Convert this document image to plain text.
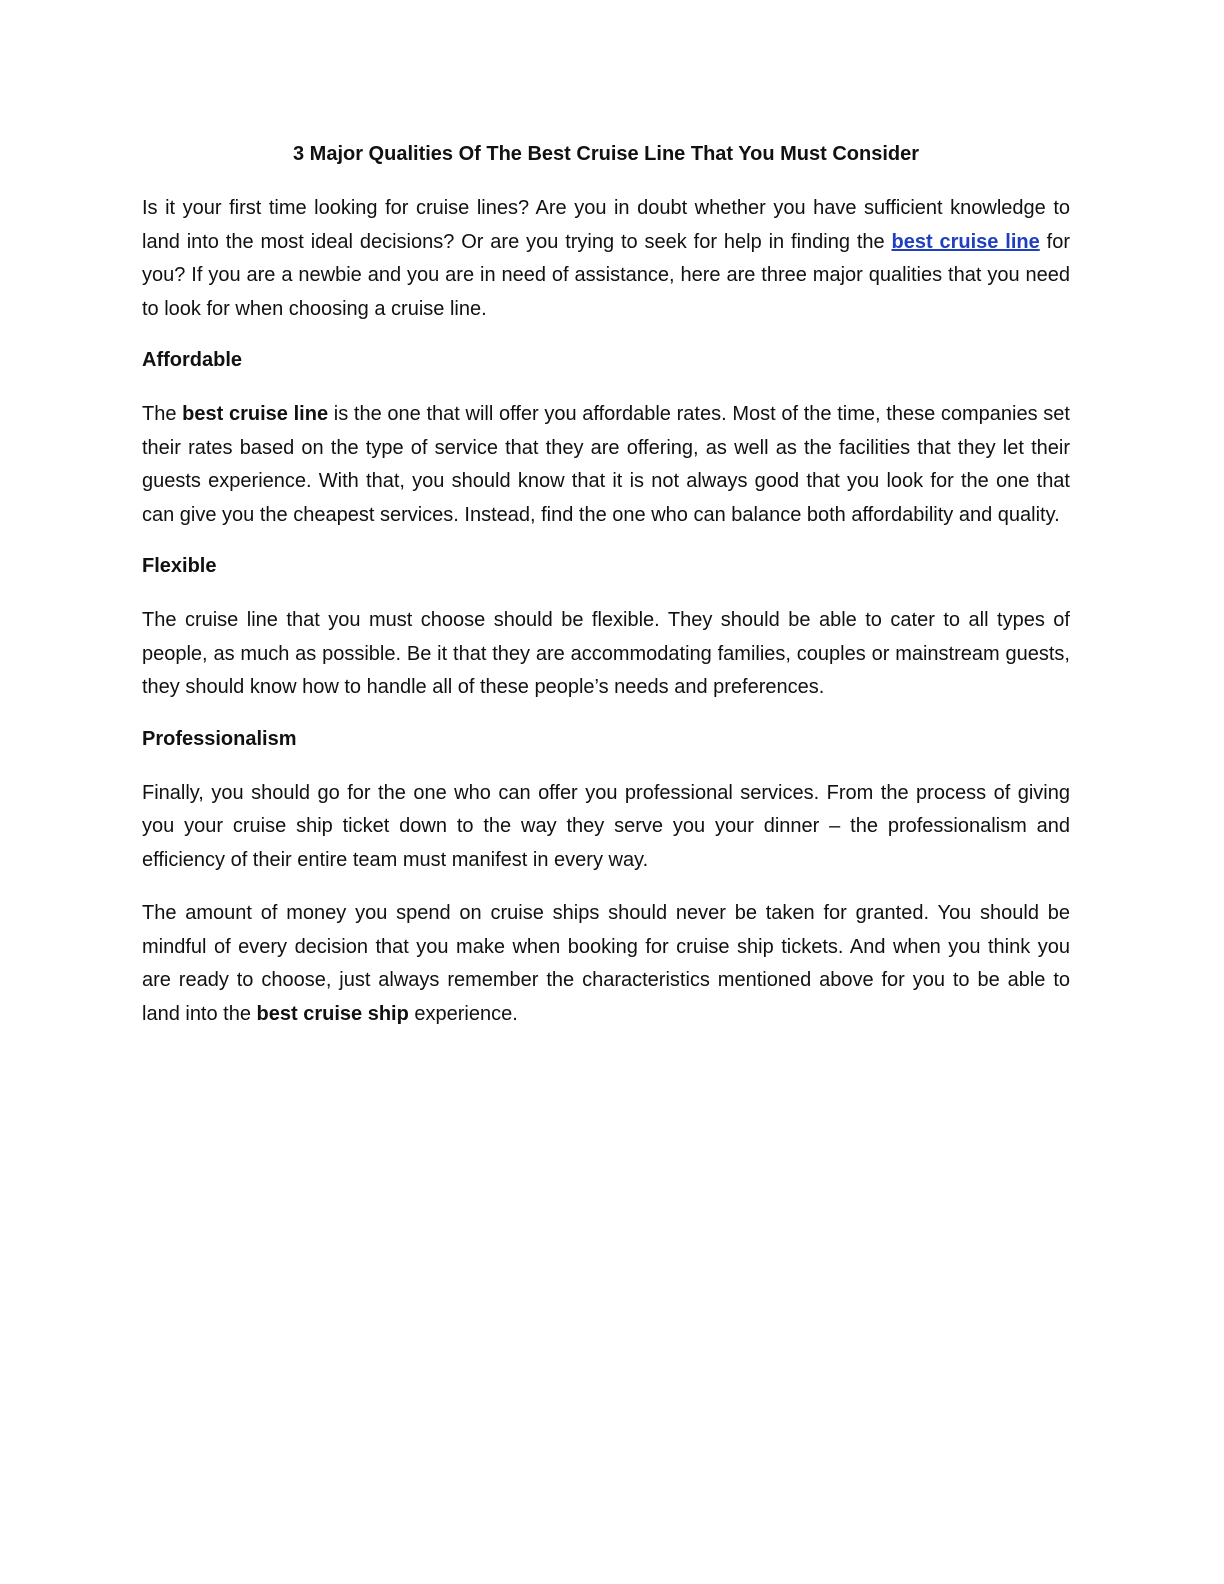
3 Major Qualities Of The Best Cruise Line That You Must Consider

Is it your first time looking for cruise lines? Are you in doubt whether you have sufficient knowledge to land into the most ideal decisions? Or are you trying to seek for help in finding the best cruise line for you? If you are a newbie and you are in need of assistance, here are three major qualities that you need to look for when choosing a cruise line.

Affordable

The best cruise line is the one that will offer you affordable rates. Most of the time, these companies set their rates based on the type of service that they are offering, as well as the facilities that they let their guests experience. With that, you should know that it is not always good that you look for the one that can give you the cheapest services. Instead, find the one who can balance both affordability and quality.

Flexible

The cruise line that you must choose should be flexible. They should be able to cater to all types of people, as much as possible. Be it that they are accommodating families, couples or mainstream guests, they should know how to handle all of these people’s needs and preferences.

Professionalism

Finally, you should go for the one who can offer you professional services. From the process of giving you your cruise ship ticket down to the way they serve you your dinner – the professionalism and efficiency of their entire team must manifest in every way.

The amount of money you spend on cruise ships should never be taken for granted. You should be mindful of every decision that you make when booking for cruise ship tickets. And when you think you are ready to choose, just always remember the characteristics mentioned above for you to be able to land into the best cruise ship experience.
